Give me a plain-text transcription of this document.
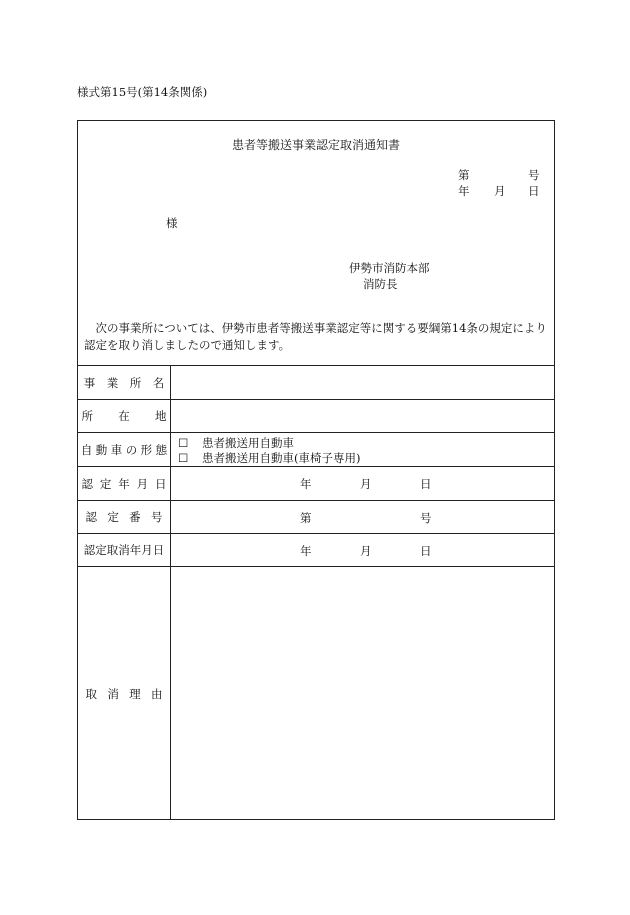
様式第15号(第14条関係)
患者等搬送事業認定取消通知書
第	号
年 月 日
様
伊勢市消防本部
消防長
次の事業所については、伊勢市患者等搬送事業認定等に関する要綱第14条の規定により認定を取り消しましたので通知します。
事業所名
所在地
自動車の形態 ☐ 患者搬送用自動車
☐ 患者搬送用自動車(車椅子専用)
認定年月日	年	月	日
認定番号	第	号
認定取消年月日	年	月	日
取消理由
